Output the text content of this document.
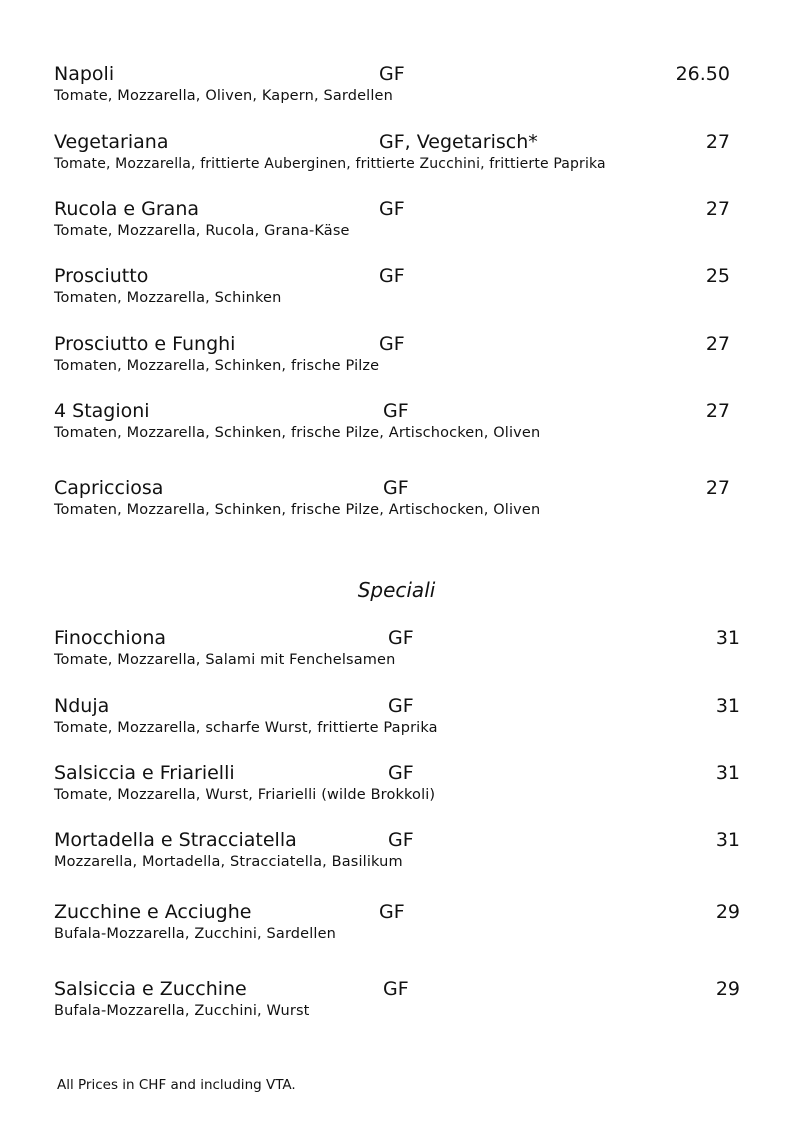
Napoli	GF	26.50
Tomate, Mozzarella, Oliven, Kapern, Sardellen
Vegetariana	GF, Vegetarisch*	27
Tomate, Mozzarella, frittierte Auberginen, frittierte Zucchini, frittierte Paprika
Rucola e Grana	GF	27
Tomate, Mozzarella, Rucola, Grana-Käse
Prosciutto	GF	25
Tomaten, Mozzarella, Schinken
Prosciutto e Funghi	GF	27
Tomaten, Mozzarella, Schinken, frische Pilze
4 Stagioni	GF	27
Tomaten, Mozzarella, Schinken, frische Pilze, Artischocken, Oliven
Capricciosa	GF	27
Tomaten, Mozzarella, Schinken, frische Pilze, Artischocken, Oliven
Speciali
Finocchiona	GF	31
Tomate, Mozzarella, Salami mit Fenchelsamen
Nduja	GF	31
Tomate, Mozzarella, scharfe Wurst, frittierte Paprika
Salsiccia e Friarielli	GF	31
Tomate, Mozzarella, Wurst, Friarielli (wilde Brokkoli)
Mortadella e Stracciatella	GF	31
Mozzarella, Mortadella, Stracciatella, Basilikum
Zucchine e Acciughe	GF	29
Bufala-Mozzarella, Zucchini, Sardellen
Salsiccia e Zucchine	GF	29
Bufala-Mozzarella, Zucchini, Wurst
All Prices in CHF and including VTA.
